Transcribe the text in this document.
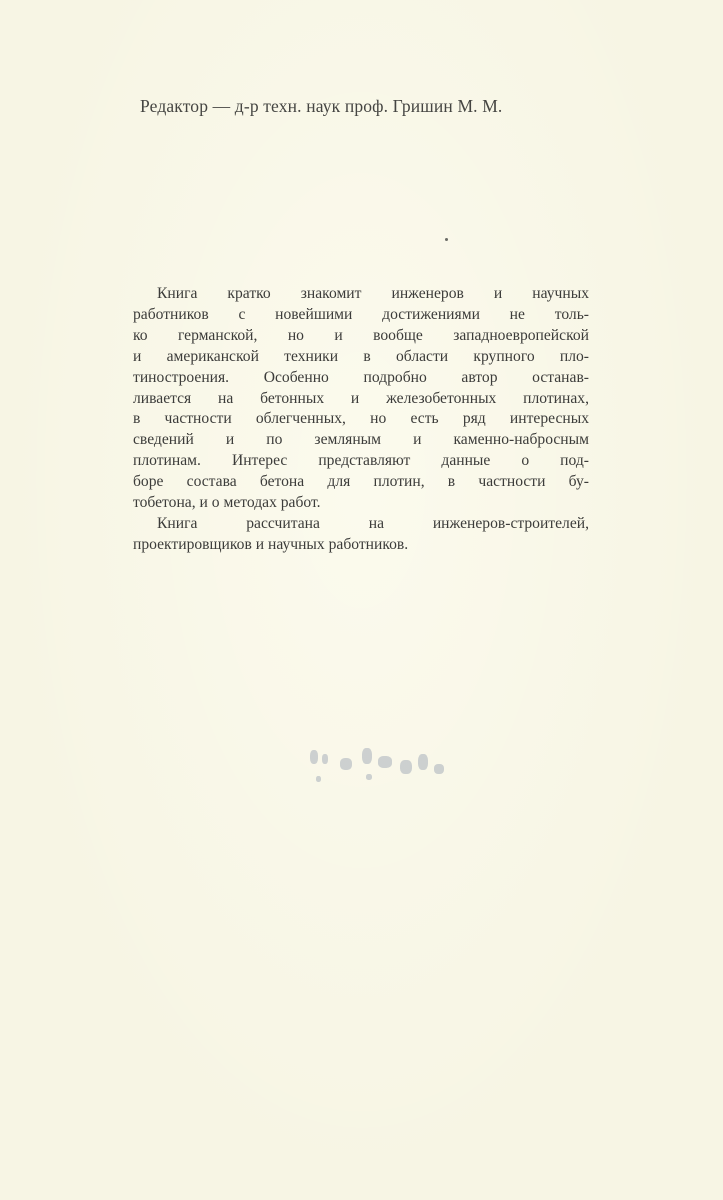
Редактор — д-р техн. наук проф. Гришин М. М.

Книга кратко знакомит инженеров и научных
работников с новейшими достижениями не толь-
ко германской, но и вообще западноевропейской
и американской техники в области крупного пло-
тиностроения. Особенно подробно автор останав-
ливается на бетонных и железобетонных плотинах,
в частности облегченных, но есть ряд интересных
сведений и по земляным и каменно-набросным
плотинам. Интерес представляют данные о под-
боре состава бетона для плотин, в частности бу-
тобетона, и о методах работ.

Книга рассчитана на инженеров-строителей,
проектировщиков и научных работников.
